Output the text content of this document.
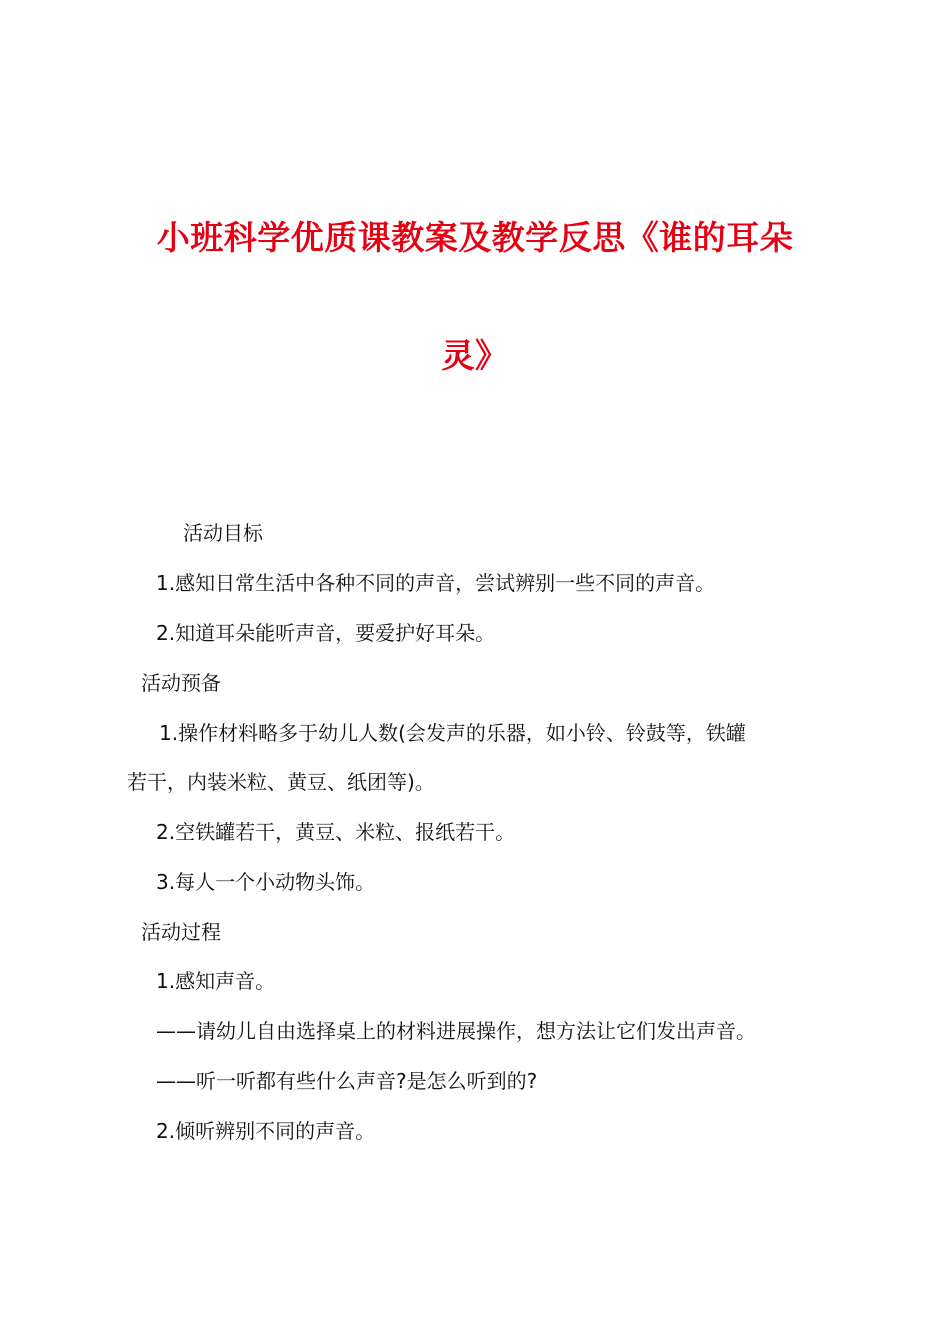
小班科学优质课教案及教学反思《谁的耳朵
灵》
活动目标
1.感知日常生活中各种不同的声音，尝试辨别一些不同的声音。
2.知道耳朵能听声音，要爱护好耳朵。
活动预备
1.操作材料略多于幼儿人数(会发声的乐器，如小铃、铃鼓等，铁罐
若干，内装米粒、黄豆、纸团等)。
2.空铁罐若干，黄豆、米粒、报纸若干。
3.每人一个小动物头饰。
活动过程
1.感知声音。
——请幼儿自由选择桌上的材料进展操作，想方法让它们发出声音。
——听一听都有些什么声音?是怎么听到的?
2.倾听辨别不同的声音。
